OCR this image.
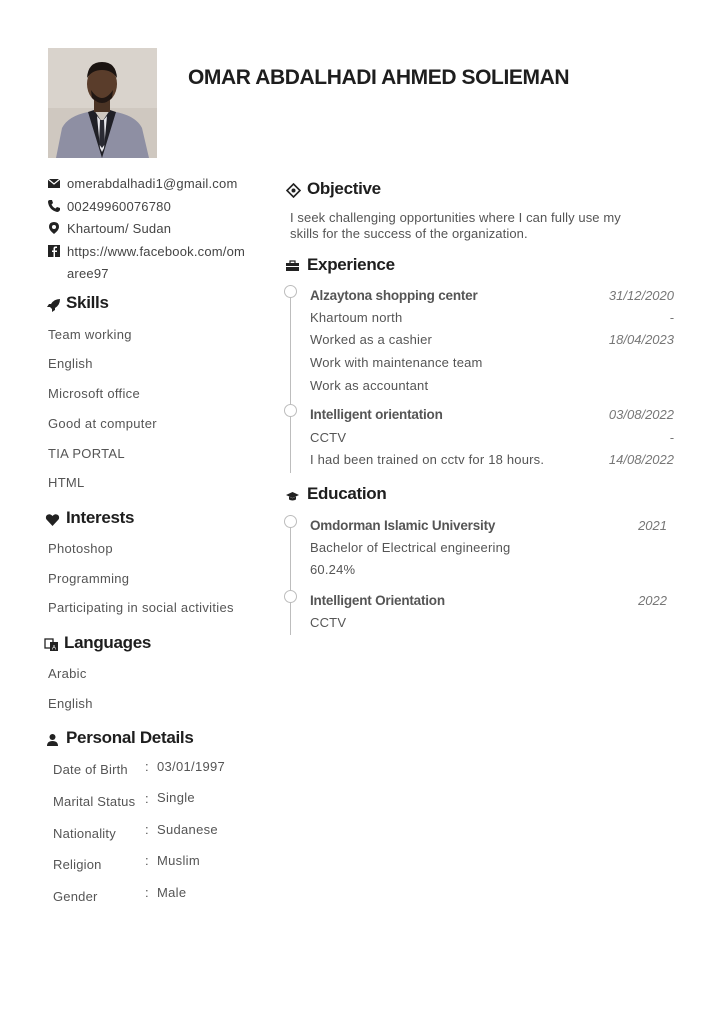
OMAR ABDALHADI AHMED SOLIEMAN
omerabdalhadi1@gmail.com
00249960076780
Khartoum/ Sudan
https://www.facebook.com/om
aree97
Skills
Team working
English
Microsoft office
Good at computer
TIA PORTAL
HTML
Interests
Photoshop
Programming
Participating in social activities
A Languages
Arabic
English
Personal Details
Date of Birth : 03/01/1997
Marital Status : Single
Nationality : Sudanese
Religion	: Muslim
Gender	: Male
Objective
I seek challenging opportunities where I can fully use my
skills for the success of the organization.
Experience
Alzaytona shopping center	31/12/2020
Khartoum north	-
Worked as a cashier	18/04/2023
Work with maintenance team
Work as accountant
Intelligent orientation	03/08/2022
CCTV	-
I had been trained on cctv for 18 hours.	14/08/2022
Education
Omdorman Islamic University	2021
Bachelor of Electrical engineering
60.24%
Intelligent Orientation	2022
CCTV
